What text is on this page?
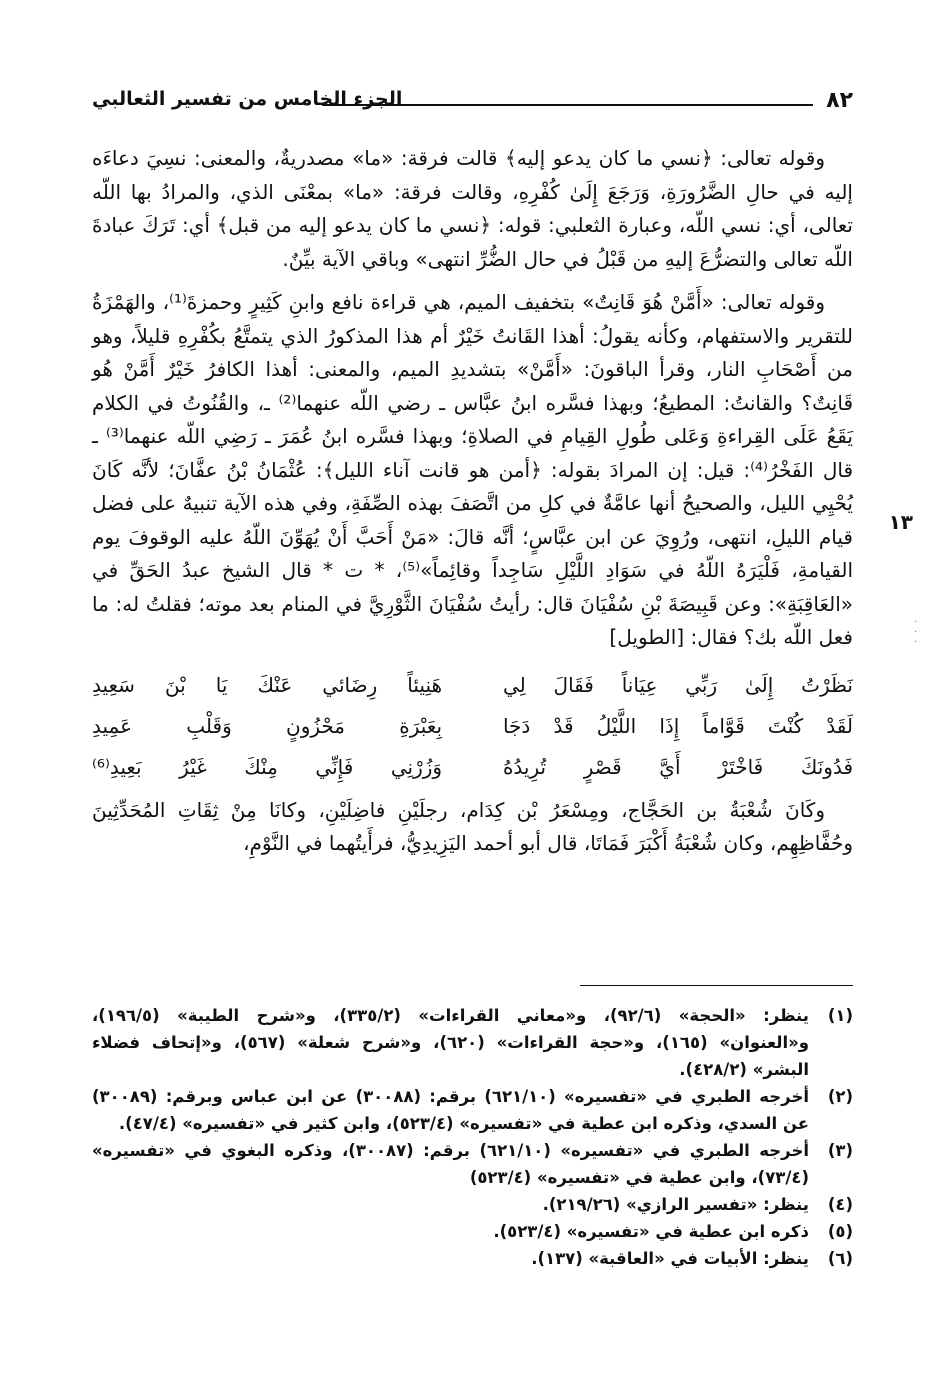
٨٢
الجزء الخامس من تفسير الثعالبي
١٣
·
·
·

وقوله تعالى: ﴿نسي ما كان يدعو إليه﴾ قالت فرقة: «ما» مصدريةٌ، والمعنى: نسِيَ دعاءَه إليه في حالِ الضَّرُورَةِ، وَرَجَعَ إِلَىٰ كُفْرِهِ، وقالت فرقة: «ما» بمعْنَى الذي، والمرادُ بها اللّه تعالى، أي: نسي اللّه، وعبارة الثعلبي: قوله: ﴿نسي ما كان يدعو إليه من قبل﴾ أي: تَرَكَ عبادةَ اللّه تعالى والتضرُّعَ إليهِ من قَبْلُ في حال الضُّرِّ انتهى» وباقي الآية بيِّنٌ.

وقوله تعالى: «أَمَّنْ هُوَ قَانِتٌ» بتخفيف الميم، هي قراءة نافع وابنِ كَثِيرٍ وحمزةَ⁽¹⁾، والهَمْزَةُ للتقرير والاستفهام، وكأنه يقولُ: أهذا القَانتُ خَيْرٌ أم هذا المذكورُ الذي يتمتَّعُ بكُفْرِهِ قليلاً، وهو من أَصْحَابِ النار، وقرأ الباقونَ: «أَمَّنْ» بتشديدِ الميم، والمعنى: أهذا الكافرُ خَيْرٌ أَمَّنْ هُو قَانِتٌ؟ والقانتُ: المطيعُ؛ وبهذا فسَّره ابنُ عبَّاس ـ رضي اللّه عنهما⁽²⁾ ـ، والقُنُوتُ في الكلام يَقَعُ عَلَى القِراءةِ وَعَلى طُولِ القِيامِ في الصلاةِ؛ وبهذا فسَّره ابنُ عُمَرَ ـ رَضِي اللّه عنهما⁽³⁾ ـ قال الفَخْرُ⁽⁴⁾: قيل: إن المرادَ بقوله: ﴿أمن هو قانت آناء الليل﴾: عُثْمَانُ بْنُ عفَّانَ؛ لأنَّه كَانَ يُحْيِي الليل، والصحيحُ أنها عامَّةٌ في كلِ من اتَّصَفَ بهذه الصِّفَةِ، وفي هذه الآية تنبيهٌ على فضل قيام الليلِ، انتهى، ورُوِيَ عن ابن عبَّاسٍ؛ أنَّه قالَ: «مَنْ أَحَبَّ أَنْ يُهَوِّنَ اللّهُ عليه الوقوفَ يوم القيامةِ، فَلْيَرَهُ اللّهُ في سَوَادِ اللَّيْلِ سَاجِداً وقائِماً»⁽⁵⁾، * ت * قال الشيخ عبدُ الحَقِّ في «العَاقِبَةِ»: وعن قَبِيصَةَ بْنِ سُفْيَانَ قال: رأيتُ سُفْيَانَ الثَّوْرِيَّ في المنام بعد موته؛ فقلتُ له: ما فعل اللّه بك؟ فقال: [الطويل]

نَظَرْتُ إِلَىٰ رَبِّي عِيَاناً فَقَالَ لِي
هَنِيئاً رِضَائي عَنْكَ يَا بْنَ سَعِيدِ
لَقَدْ كُنْتَ قَوَّاماً إِذَا اللَّيْلُ قَدْ دَجَا
بِعَبْرَةِ مَحْزُونٍ وَقَلْبِ عَمِيدِ
فَدُونَكَ فَاخْتَرْ أَيَّ قَصْرٍ تُرِيدُهُ
وَزُرْنِي فَإِنِّي مِنْكَ غَيْرُ بَعِيدِ⁽⁶⁾

وكَانَ شُعْبَةُ بن الحَجَّاج، ومِسْعَرُ بْن كِدَام، رجلَيْنِ فاضِلَيْنِ، وكانَا مِنْ ثِقَاتِ المُحَدِّثِينَ وحُفَّاظِهِم، وكان شُعْبَةُ أَكْبَرَ فَمَاتَا، قال أبو أحمد اليَزِيدِيُّ، فرأَيتُهما في النَّوْمِ،

(١)
ينظر: «الحجة» (٩٢/٦)، و«معاني القراءات» (٣٣٥/٢)، و«شرح الطيبة» (١٩٦/٥)، و«العنوان» (١٦٥)، و«حجة القراءات» (٦٢٠)، و«شرح شعلة» (٥٦٧)، و«إتحاف فضلاء البشر» (٤٢٨/٢).
(٢)
أخرجه الطبري في «تفسيره» (٦٢١/١٠) برقم: (٣٠٠٨٨) عن ابن عباس وبرقم: (٣٠٠٨٩) عن السدي، وذكره ابن عطية في «تفسيره» (٥٢٣/٤)، وابن كثير في «تفسيره» (٤٧/٤).
(٣)
أخرجه الطبري في «تفسيره» (٦٢١/١٠) برقم: (٣٠٠٨٧)، وذكره البغوي في «تفسيره» (٧٣/٤)، وابن عطية في «تفسيره» (٥٢٣/٤)
(٤)
ينظر: «تفسير الرازي» (٢١٩/٢٦).
(٥)
ذكره ابن عطية في «تفسيره» (٥٢٣/٤).
(٦)
ينظر: الأبيات في «العاقبة» (١٣٧).
